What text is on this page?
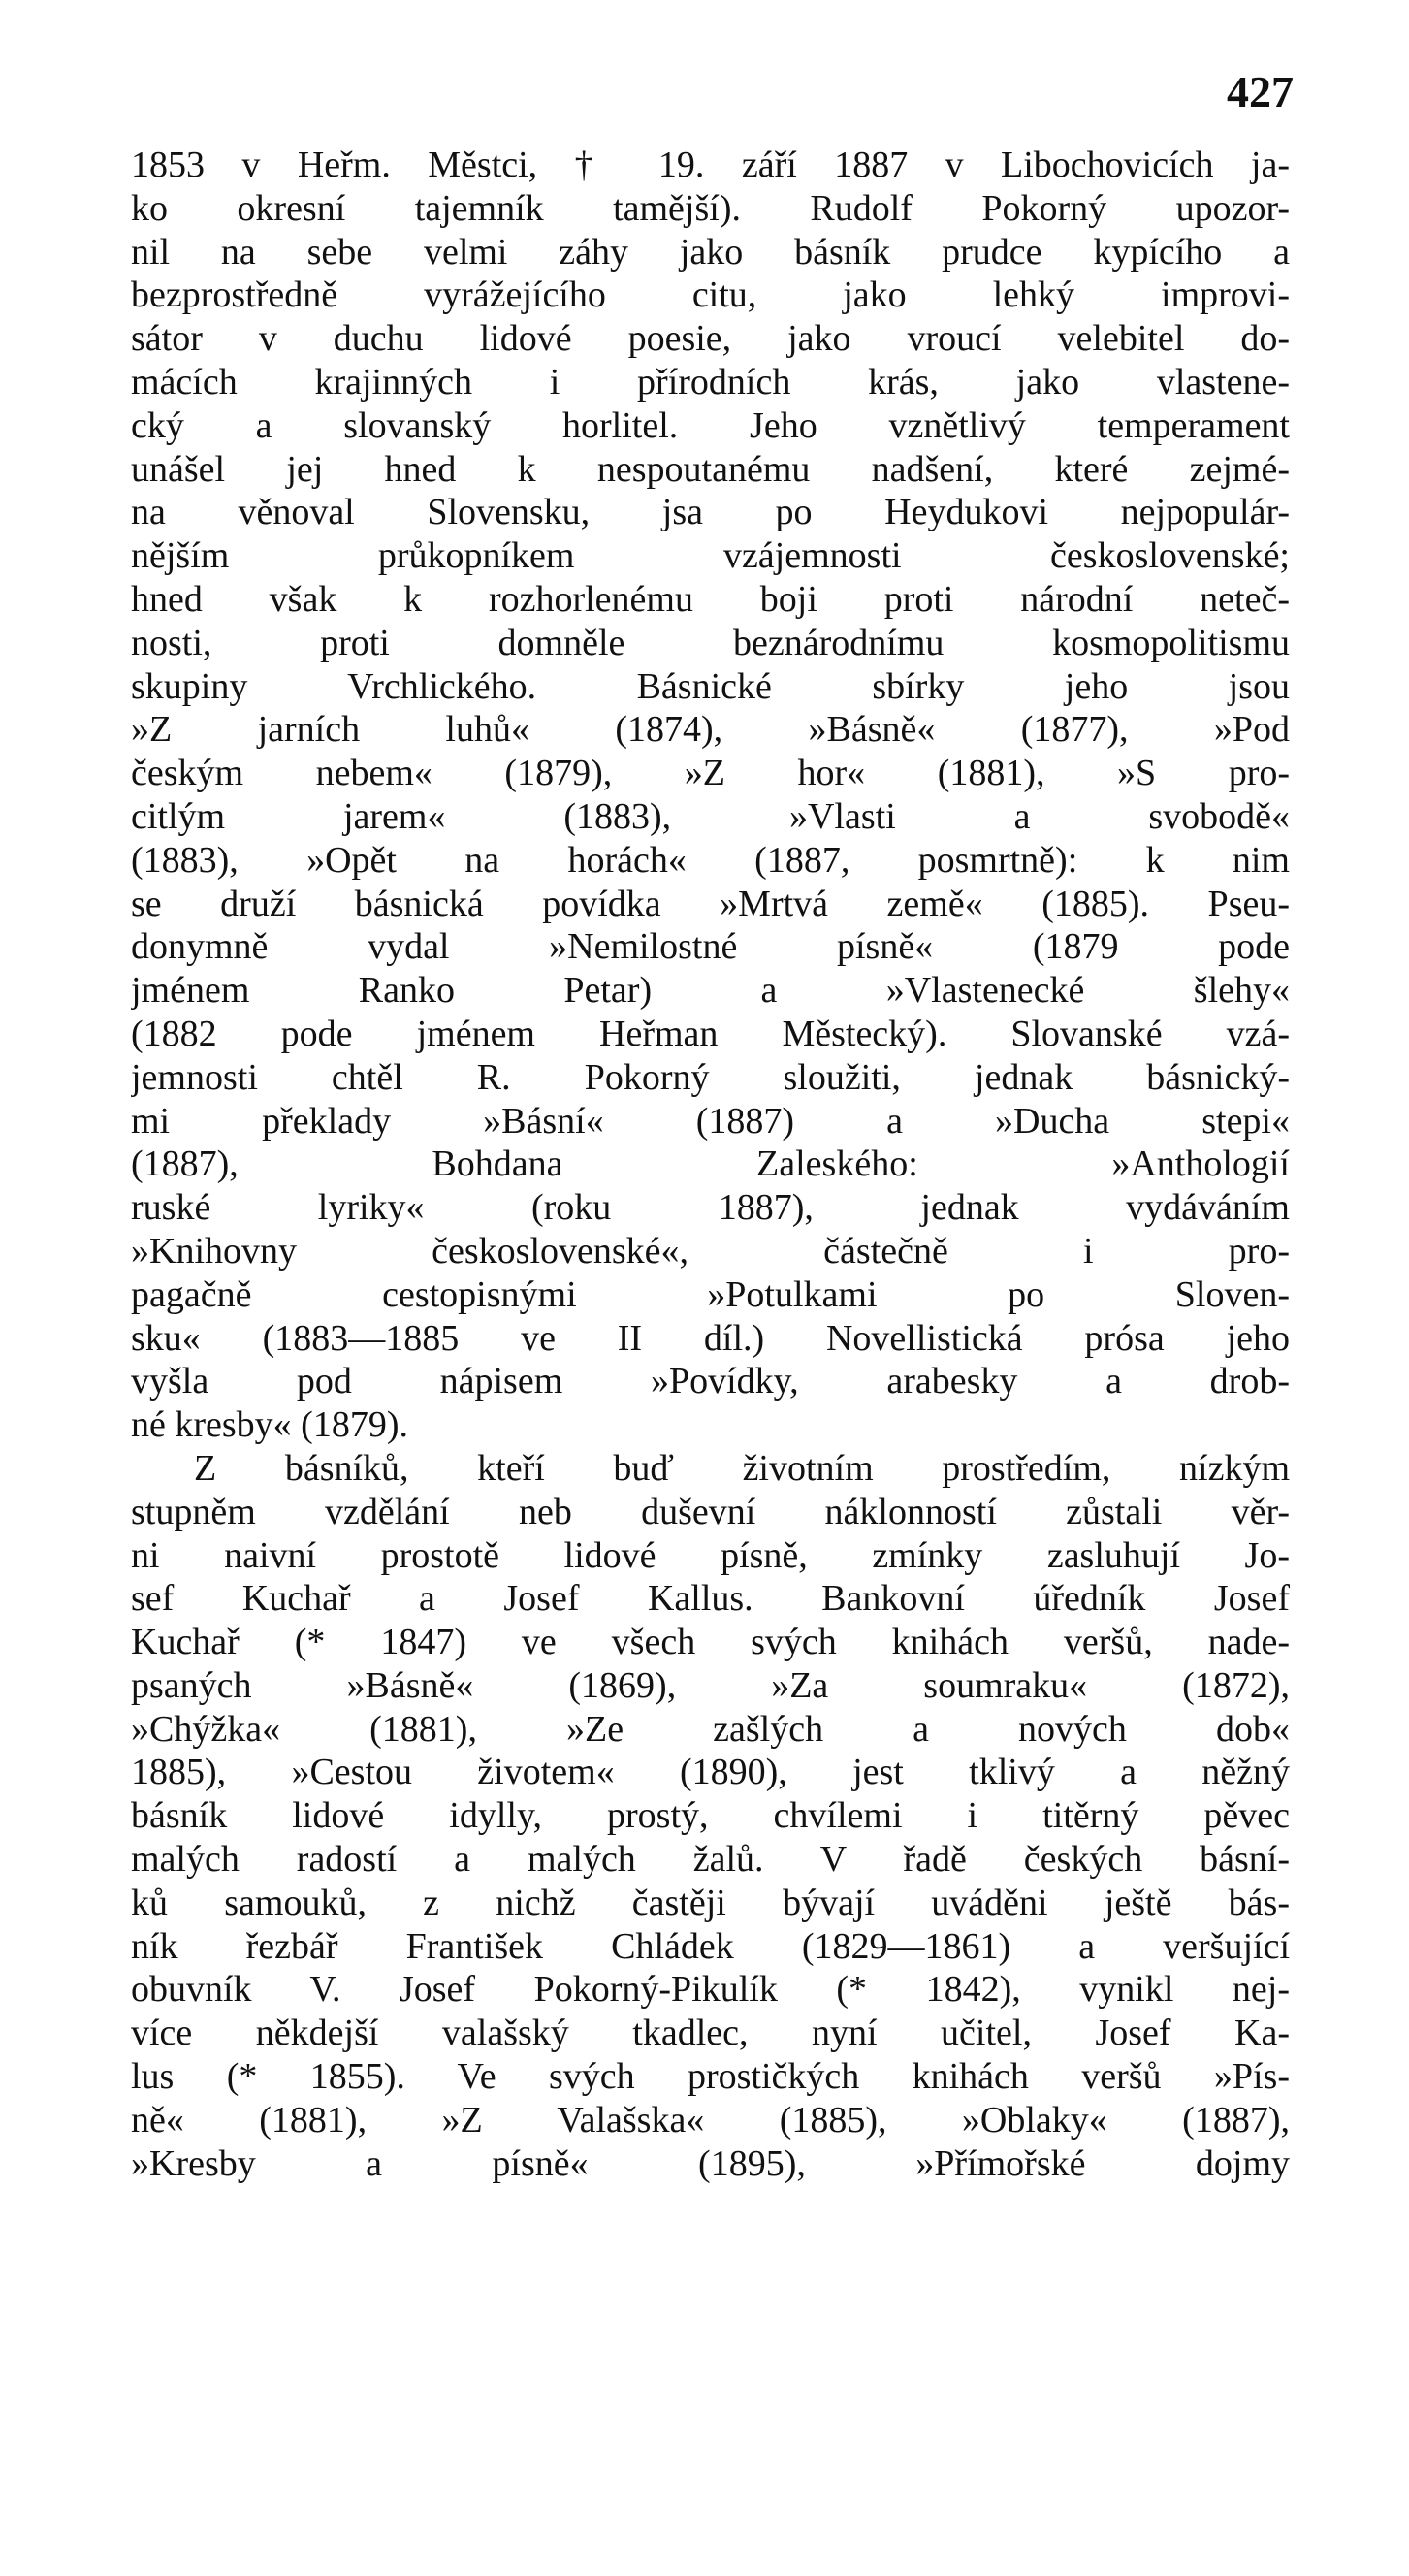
427
1853 v Heřm. Městci, † 19. září 1887 v Libochovicích ja-
ko okresní tajemník tamější). Rudolf Pokorný upozor-
nil na sebe velmi záhy jako básník prudce kypícího a
bezprostředně vyrážejícího citu, jako lehký improvi-
sátor v duchu lidové poesie, jako vroucí velebitel do-
mácích krajinných i přírodních krás, jako vlastene-
cký a slovanský horlitel. Jeho vznětlivý temperament
unášel jej hned k nespoutanému nadšení, které zejmé-
na věnoval Slovensku, jsa po Heydukovi nejpopulár-
nějším průkopníkem vzájemnosti československé;
hned však k rozhorlenému boji proti národní neteč-
nosti, proti domněle beznárodnímu kosmopolitismu
skupiny Vrchlického. Básnické sbírky jeho jsou
»Z jarních luhů« (1874), »Básně« (1877), »Pod
českým nebem« (1879), »Z hor« (1881), »S pro-
citlým jarem« (1883), »Vlasti a svobodě«
(1883), »Opět na horách« (1887, posmrtně): k nim
se druží básnická povídka »Mrtvá země« (1885). Pseu-
donymně vydal »Nemilostné písně« (1879 pode
jménem Ranko Petar) a »Vlastenecké šlehy«
(1882 pode jménem Heřman Městecký). Slovanské vzá-
jemnosti chtěl R. Pokorný sloužiti, jednak básnický-
mi překlady »Básní« (1887) a »Ducha stepi«
(1887), Bohdana Zaleského: »Anthologií
ruské lyriky« (roku 1887), jednak vydáváním
»Knihovny československé«, částečně i pro-
pagačně cestopisnými »Potulkami po Sloven-
sku« (1883—1885 ve II díl.) Novellistická prósa jeho
vyšla pod nápisem »Povídky, arabesky a drob-
né kresby« (1879).
Z básníků, kteří buď životním prostředím, nízkým
stupněm vzdělání neb duševní náklonností zůstali věr-
ni naivní prostotě lidové písně, zmínky zasluhují Jo-
sef Kuchař a Josef Kallus. Bankovní úředník Josef
Kuchař (* 1847) ve všech svých knihách veršů, nade-
psaných »Básně« (1869), »Za soumraku« (1872),
»Chýžka« (1881), »Ze zašlých a nových dob«
1885), »Cestou životem« (1890), jest tklivý a něžný
básník lidové idylly, prostý, chvílemi i titěrný pěvec
malých radostí a malých žalů. V řadě českých básní-
ků samouků, z nichž častěji bývají uváděni ještě bás-
ník řezbář František Chládek (1829—1861) a veršující
obuvník V. Josef Pokorný-Pikulík (* 1842), vynikl nej-
více někdejší valašský tkadlec, nyní učitel, Josef Ka-
lus (* 1855). Ve svých prostičkých knihách veršů »Pís-
ně« (1881), »Z Valašska« (1885), »Oblaky« (1887),
»Kresby a písně« (1895), »Přímořské dojmy
